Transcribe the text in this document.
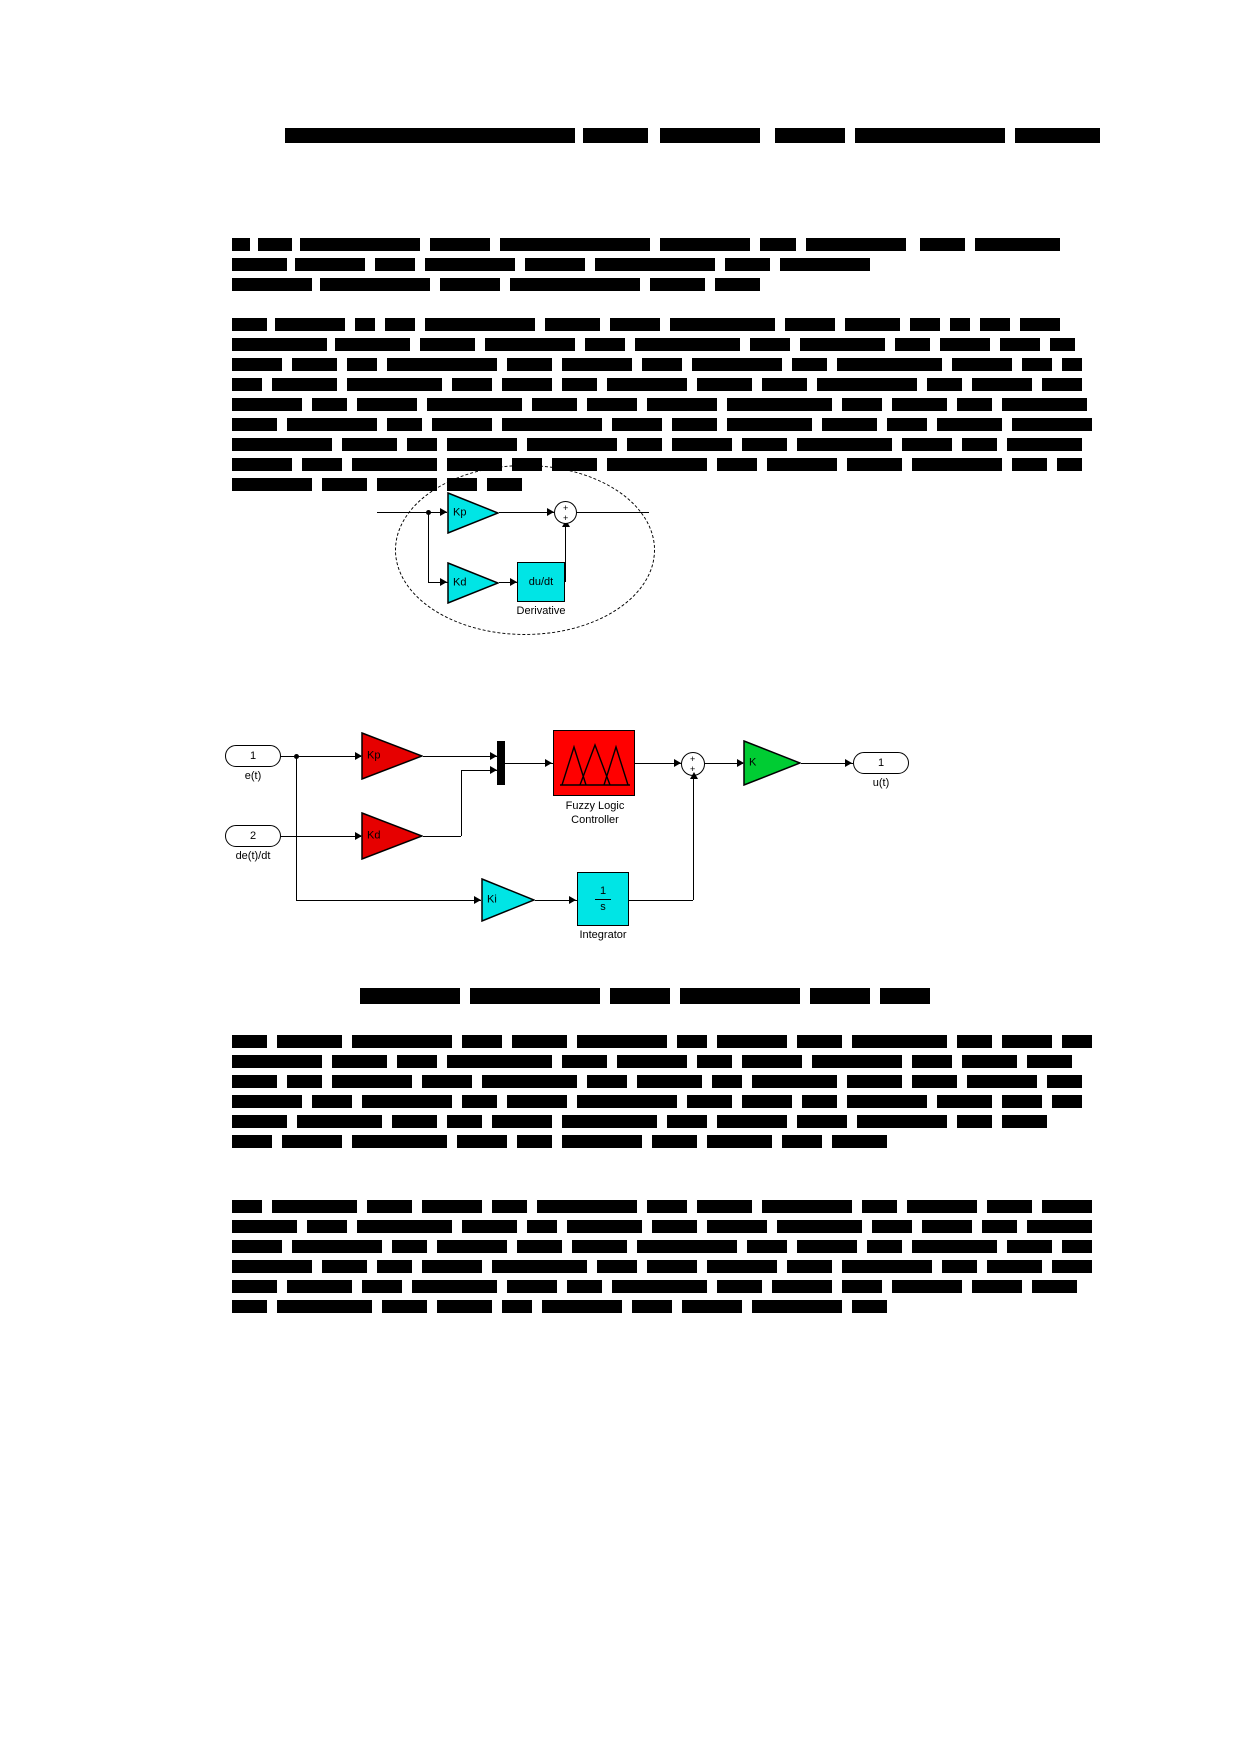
Kp
Kd	du/dt
Derivative
+
+
1
e(t)
Kp
2
de(t)/dt
Kd
Fuzzy Logic
Controller
+
+
K	1
u(t)
Ki
1
s
Integrator
